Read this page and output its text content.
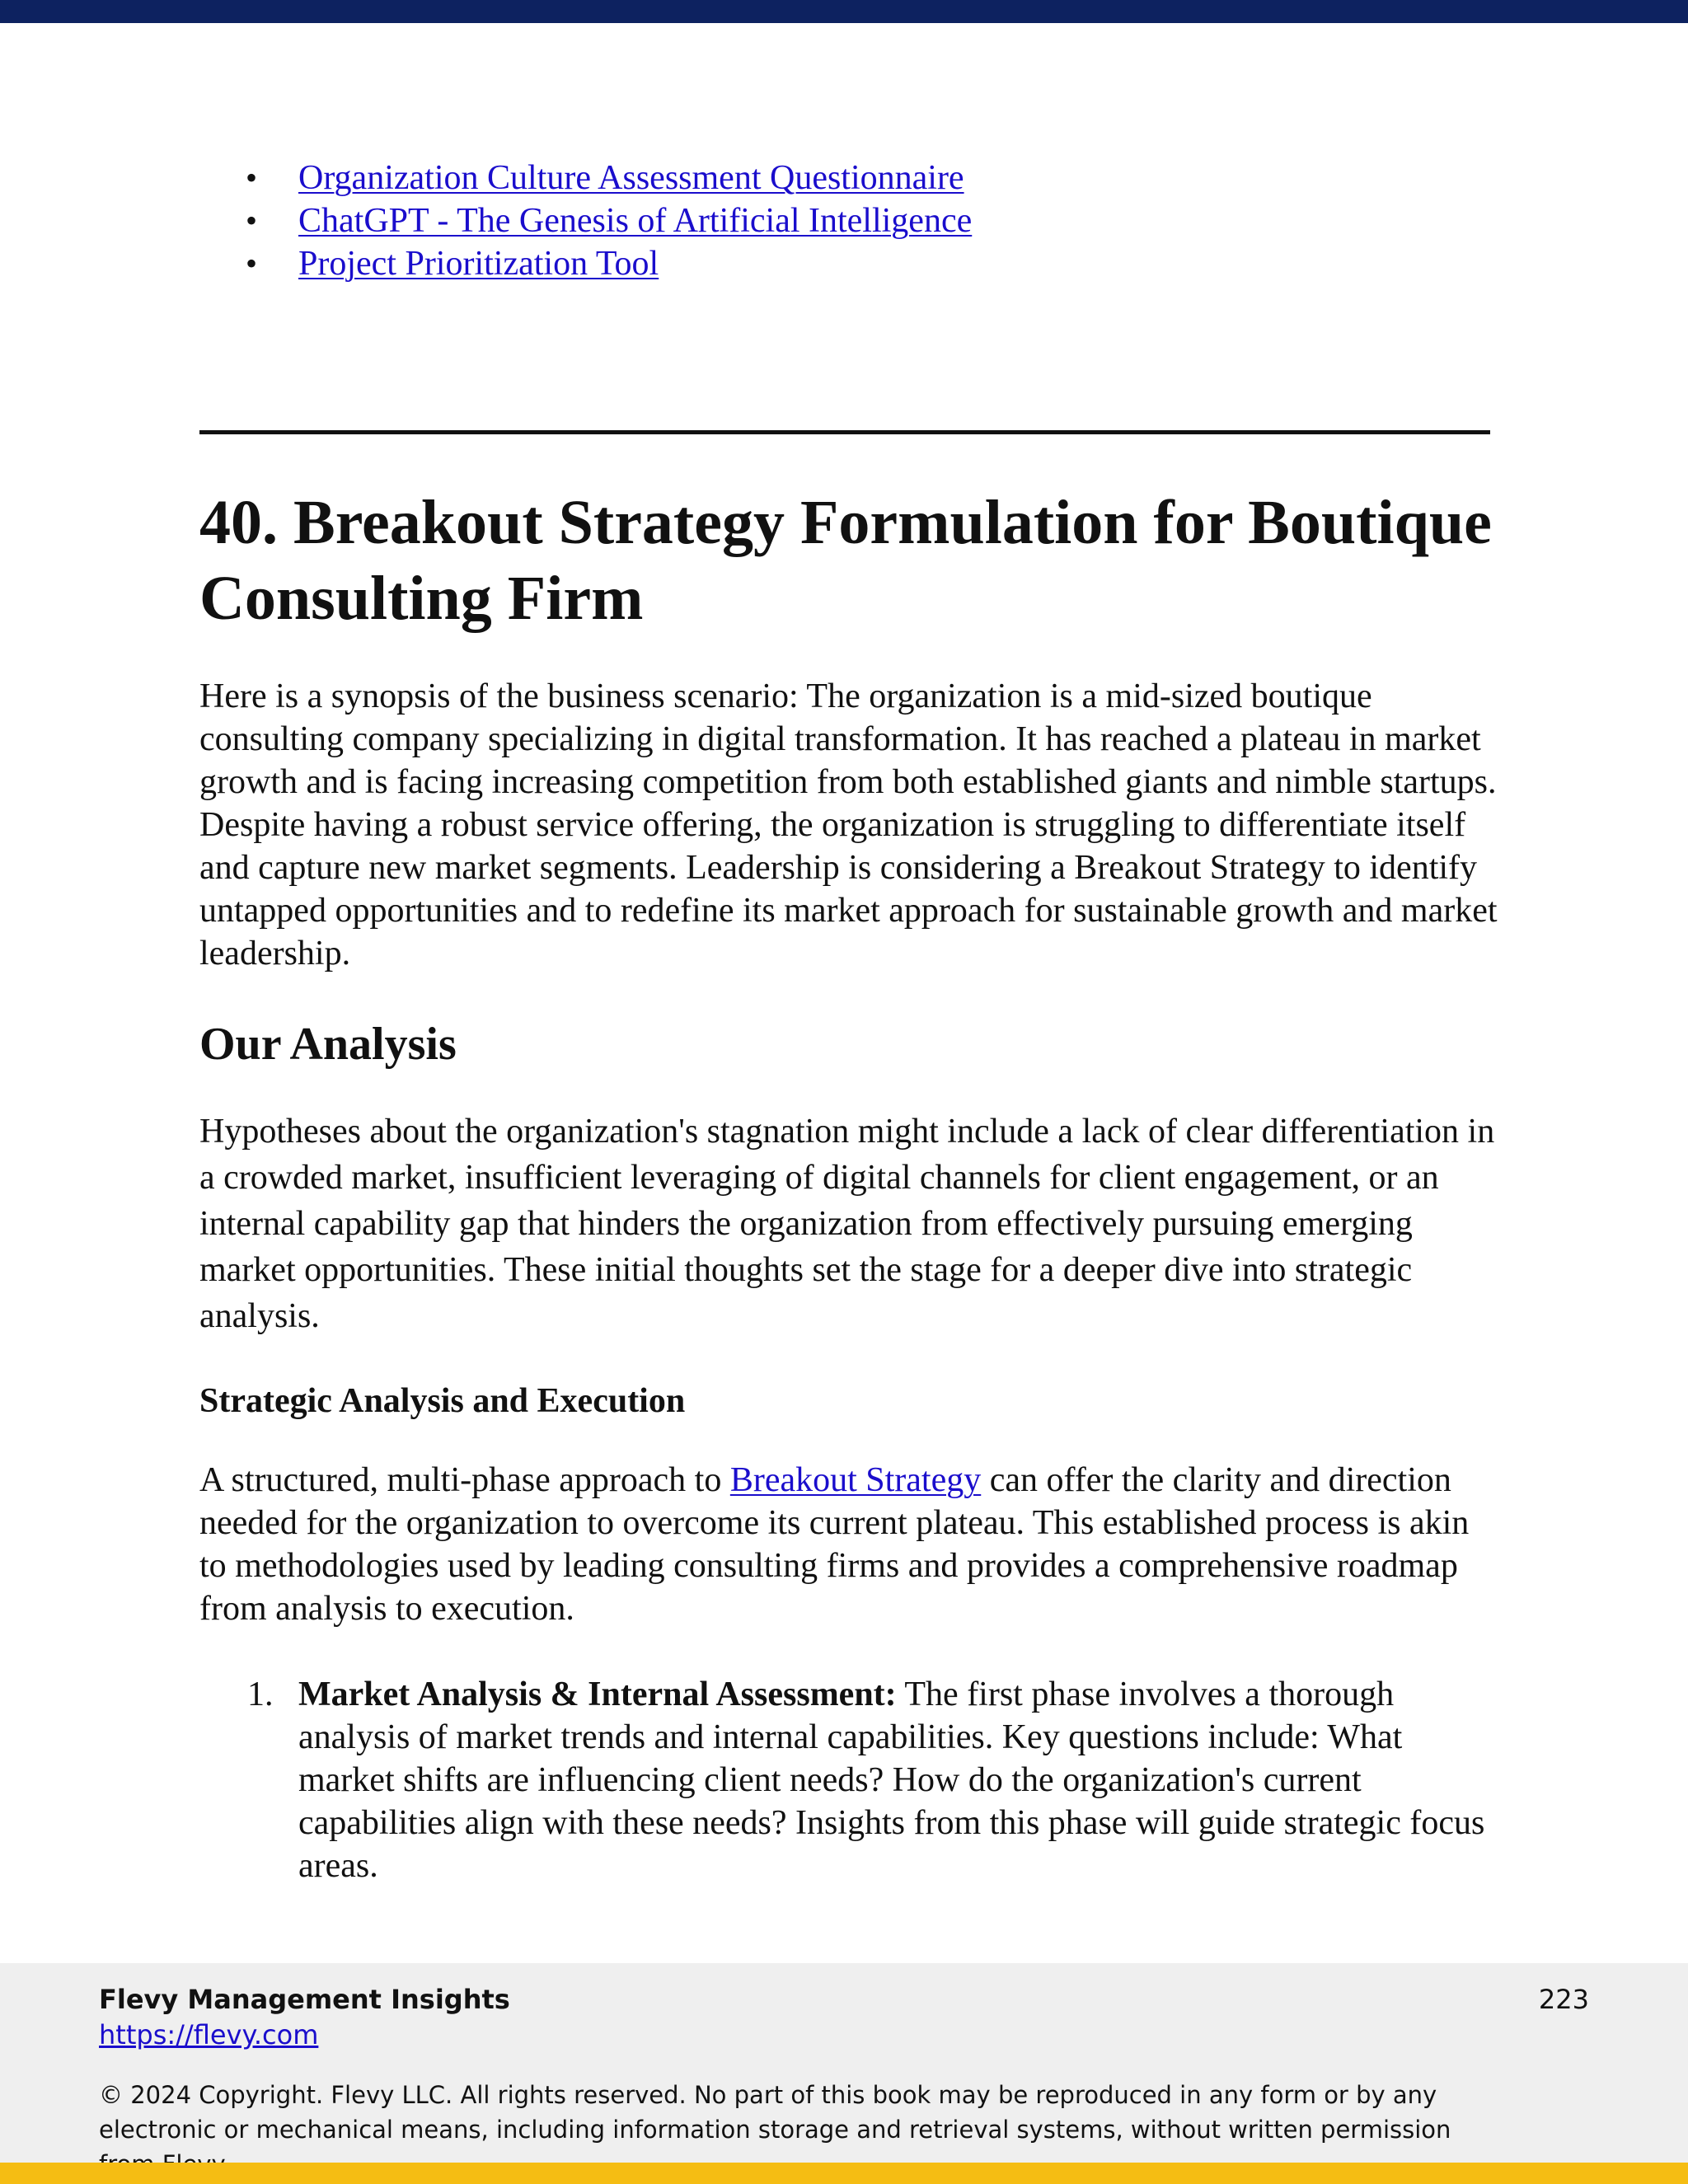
• Organization Culture Assessment Questionnaire
• ChatGPT - The Genesis of Artificial Intelligence
• Project Prioritization Tool
40. Breakout Strategy Formulation for Boutique Consulting Firm

Here is a synopsis of the business scenario: The organization is a mid-sized boutique consulting company specializing in digital transformation. It has reached a plateau in market growth and is facing increasing competition from both established giants and nimble startups. Despite having a robust service offering, the organization is struggling to differentiate itself and capture new market segments. Leadership is considering a Breakout Strategy to identify untapped opportunities and to redefine its market approach for sustainable growth and market leadership.

Our Analysis

Hypotheses about the organization's stagnation might include a lack of clear differentiation in a crowded market, insufficient leveraging of digital channels for client engagement, or an internal capability gap that hinders the organization from effectively pursuing emerging market opportunities. These initial thoughts set the stage for a deeper dive into strategic analysis.

Strategic Analysis and Execution

A structured, multi-phase approach to Breakout Strategy can offer the clarity and direction needed for the organization to overcome its current plateau. This established process is akin to methodologies used by leading consulting firms and provides a comprehensive roadmap from analysis to execution.

1. Market Analysis & Internal Assessment: The first phase involves a thorough analysis of market trends and internal capabilities. Key questions include: What market shifts are influencing client needs? How do the organization's current capabilities align with these needs? Insights from this phase will guide strategic focus areas.
Flevy Management Insights
https://flevy.com
223
© 2024 Copyright. Flevy LLC. All rights reserved. No part of this book may be reproduced in any form or by any electronic or mechanical means, including information storage and retrieval systems, without written permission
